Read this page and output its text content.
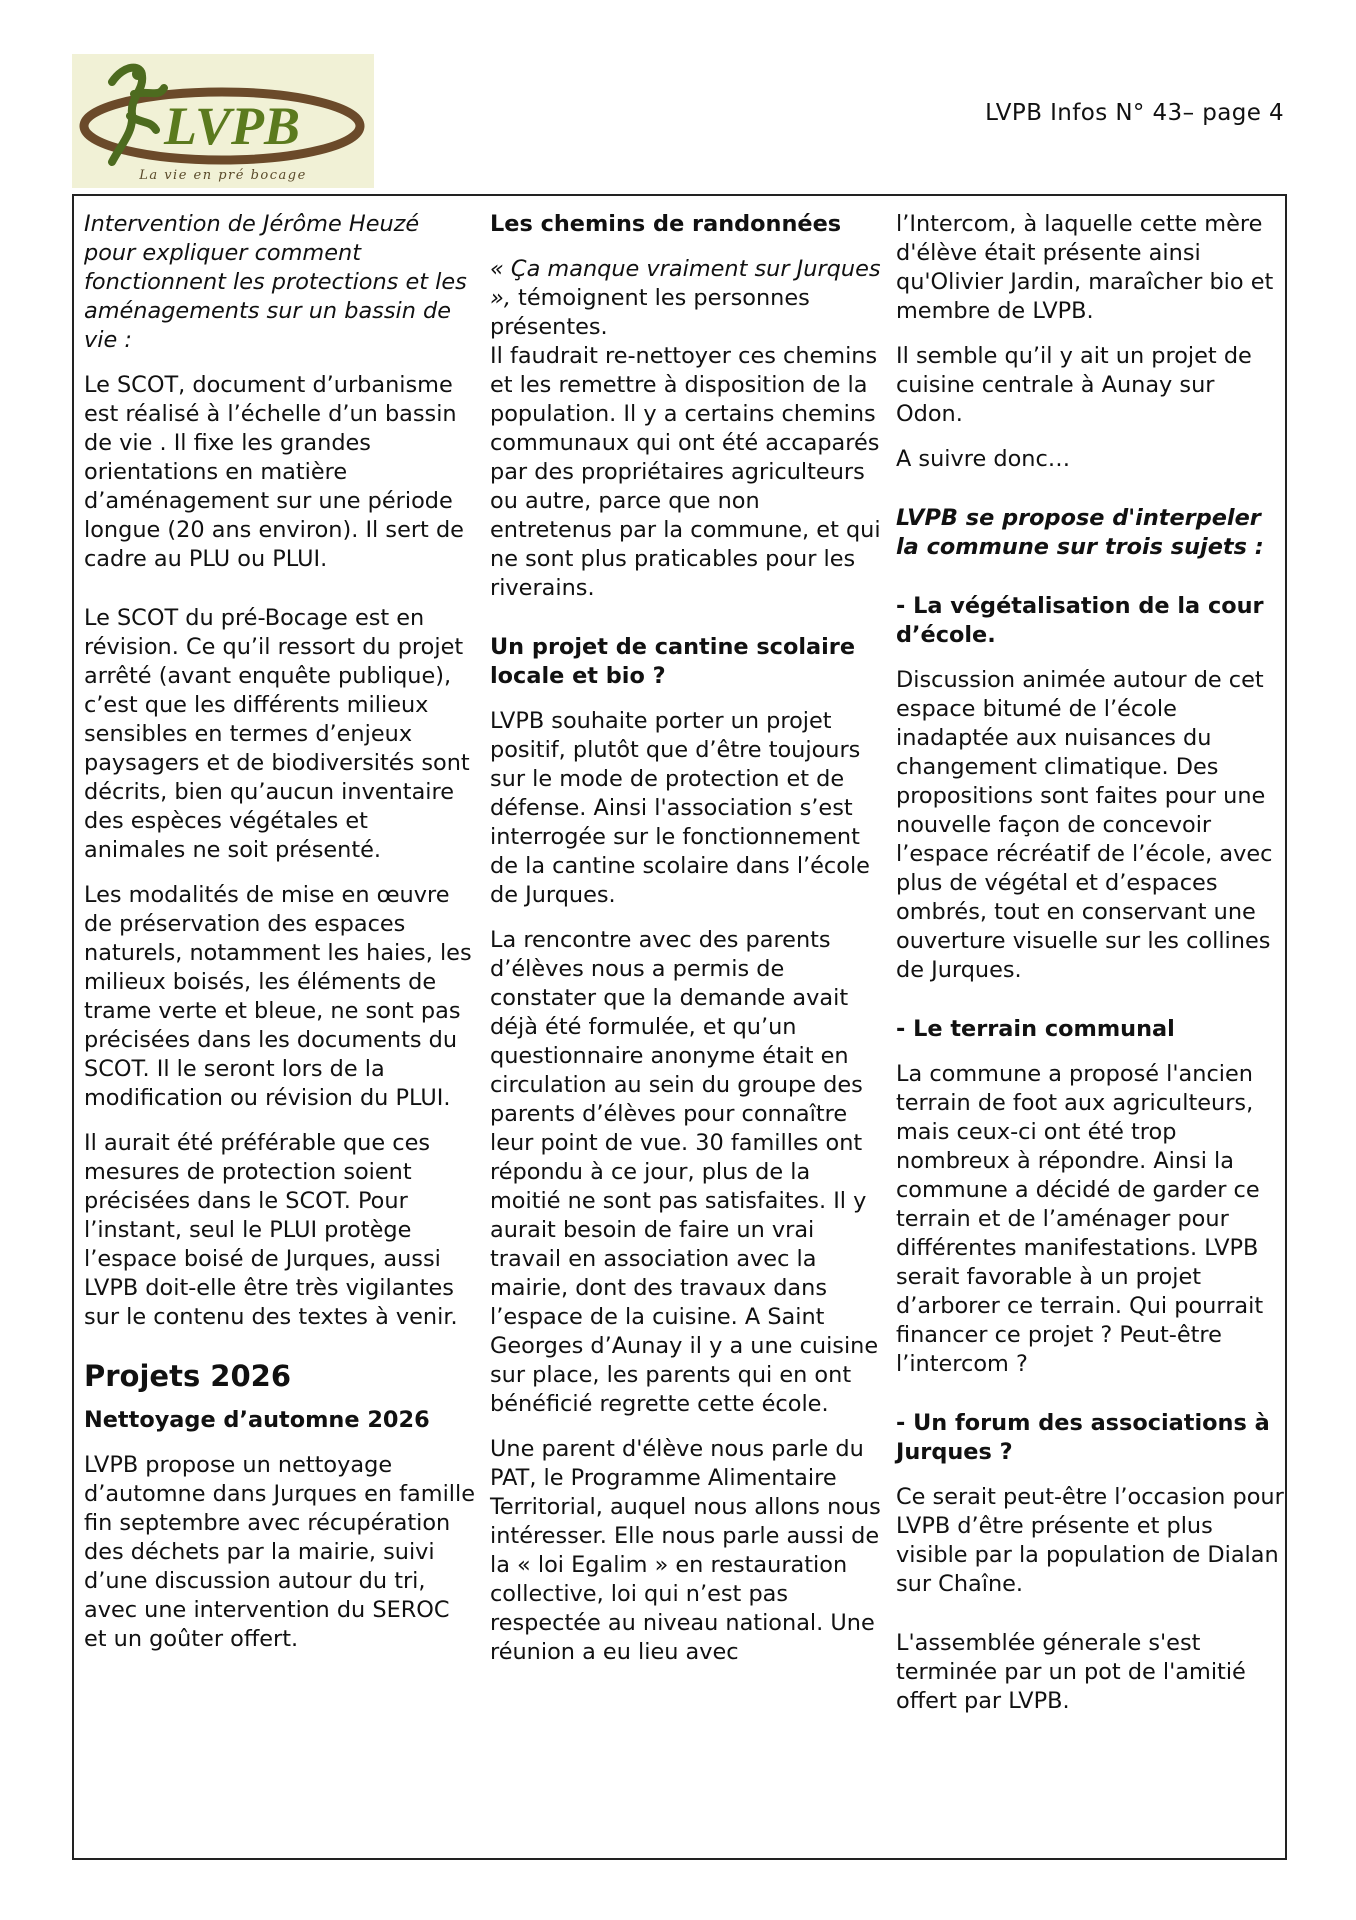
LVPB
La vie en pré bocage
LVPB Infos N° 43– page 4

Intervention de Jérôme Heuzé pour expliquer comment fonctionnent les protections et les aménagements sur un bassin de vie :

Le SCOT, document d’urbanisme est réalisé à l’échelle d’un bassin de vie . Il fixe les grandes orientations en matière d’aménagement sur une période longue (20 ans environ). Il sert de cadre au PLU ou PLUI.

Le SCOT du pré-Bocage est en révision. Ce qu’il ressort du projet arrêté (avant enquête publique), c’est que les différents milieux sensibles en termes d’enjeux paysagers et de biodiversités sont décrits, bien qu’aucun inventaire des espèces végétales et animales ne soit présenté.

Les modalités de mise en œuvre de préservation des espaces naturels, notamment les haies, les milieux boisés, les éléments de trame verte et bleue, ne sont pas précisées dans les documents du SCOT. Il le seront lors de la modification ou révision du PLUI.

Il aurait été préférable que ces mesures de protection soient précisées dans le SCOT. Pour l’instant, seul le PLUI protège l’espace boisé de Jurques, aussi LVPB doit-elle être très vigilantes sur le contenu des textes à venir.

Projets 2026
Nettoyage d’automne 2026

LVPB propose un nettoyage d’automne dans Jurques en famille fin septembre avec récupération des déchets par la mairie, suivi d’une discussion autour du tri, avec une intervention du SEROC et un goûter offert.

Les chemins de randonnées

« Ça manque vraiment sur Jurques », témoignent les personnes présentes.
Il faudrait re-nettoyer ces chemins et les remettre à disposition de la population. Il y a certains chemins communaux qui ont été accaparés par des propriétaires agriculteurs ou autre, parce que non entretenus par la commune, et qui ne sont plus praticables pour les riverains.

Un projet de cantine scolaire locale et bio ?

LVPB souhaite porter un projet positif, plutôt que d’être toujours sur le mode de protection et de défense. Ainsi l'association s’est interrogée sur le fonctionnement de la cantine scolaire dans l’école de Jurques.

La rencontre avec des parents d’élèves nous a permis de constater que la demande avait déjà été formulée, et qu’un questionnaire anonyme était en circulation au sein du groupe des parents d’élèves pour connaître leur point de vue. 30 familles ont répondu à ce jour, plus de la moitié ne sont pas satisfaites. Il y aurait besoin de faire un vrai travail en association avec la mairie, dont des travaux dans l’espace de la cuisine. A Saint Georges d’Aunay il y a une cuisine sur place, les parents qui en ont bénéficié regrette cette école.

Une parent d'élève nous parle du PAT, le Programme Alimentaire Territorial, auquel nous allons nous intéresser. Elle nous parle aussi de la « loi Egalim » en restauration collective, loi qui n’est pas respectée au niveau national. Une réunion a eu lieu avec

l’Intercom, à laquelle cette mère d'élève était présente ainsi qu'Olivier Jardin, maraîcher bio et membre de LVPB.

Il semble qu’il y ait un projet de cuisine centrale à Aunay sur Odon.

A suivre donc…

LVPB se propose d'interpeler la commune sur trois sujets :

- La végétalisation de la cour d’école.

Discussion animée autour de cet espace bitumé de l’école inadaptée aux nuisances du changement climatique. Des propositions sont faites pour une nouvelle façon de concevoir l’espace récréatif de l’école, avec plus de végétal et d’espaces ombrés, tout en conservant une ouverture visuelle sur les collines de Jurques.

- Le terrain communal

La commune a proposé l'ancien terrain de foot aux agriculteurs, mais ceux-ci ont été trop nombreux à répondre. Ainsi la commune a décidé de garder ce terrain et de l’aménager pour différentes manifestations. LVPB serait favorable à un projet d’arborer ce terrain. Qui pourrait financer ce projet ? Peut-être l’intercom ?

- Un forum des associations à Jurques ?

Ce serait peut-être l’occasion pour LVPB d’être présente et plus visible par la population de Dialan sur Chaîne.

L'assemblée génerale s'est terminée par un pot de l'amitié offert par LVPB.
